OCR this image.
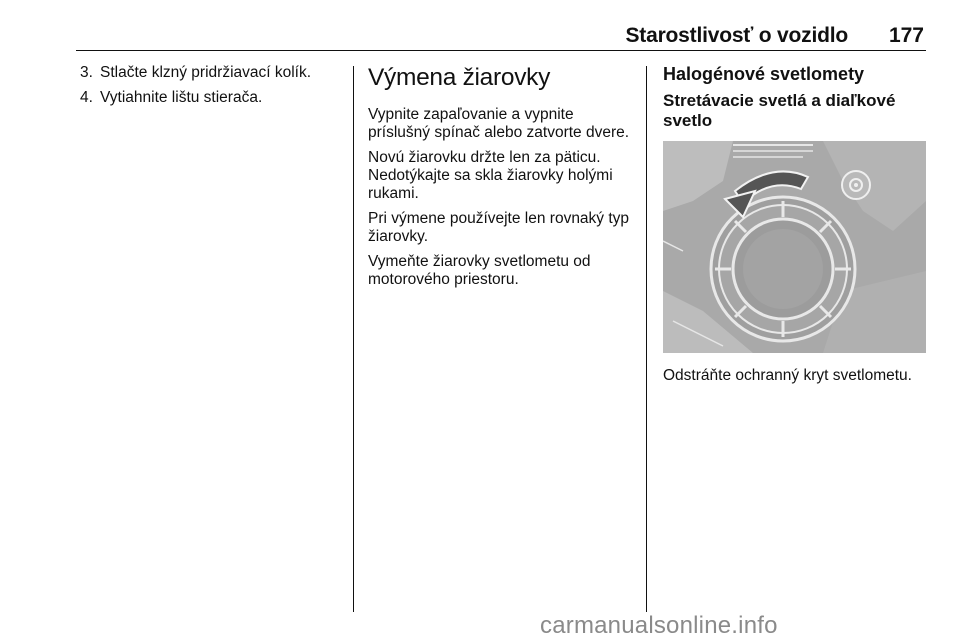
Starostlivosť o vozidlo 177
3. Stlačte klzný pridržiavací kolík.
4. Vytiahnite lištu stierača.
Výmena žiarovky

Vypnite zapaľovanie a vypnite príslušný spínač alebo zatvorte dvere.

Novú žiarovku držte len za päticu. Nedotýkajte sa skla žiarovky holými rukami.

Pri výmene používejte len rovnaký typ žiarovky.

Vymeňte žiarovky svetlometu od motorového priestoru.

Halogénové svetlomety
Stretávacie svetlá a diaľkové svetlo

Odstráňte ochranný kryt svetlometu.

carmanualsonline.info
